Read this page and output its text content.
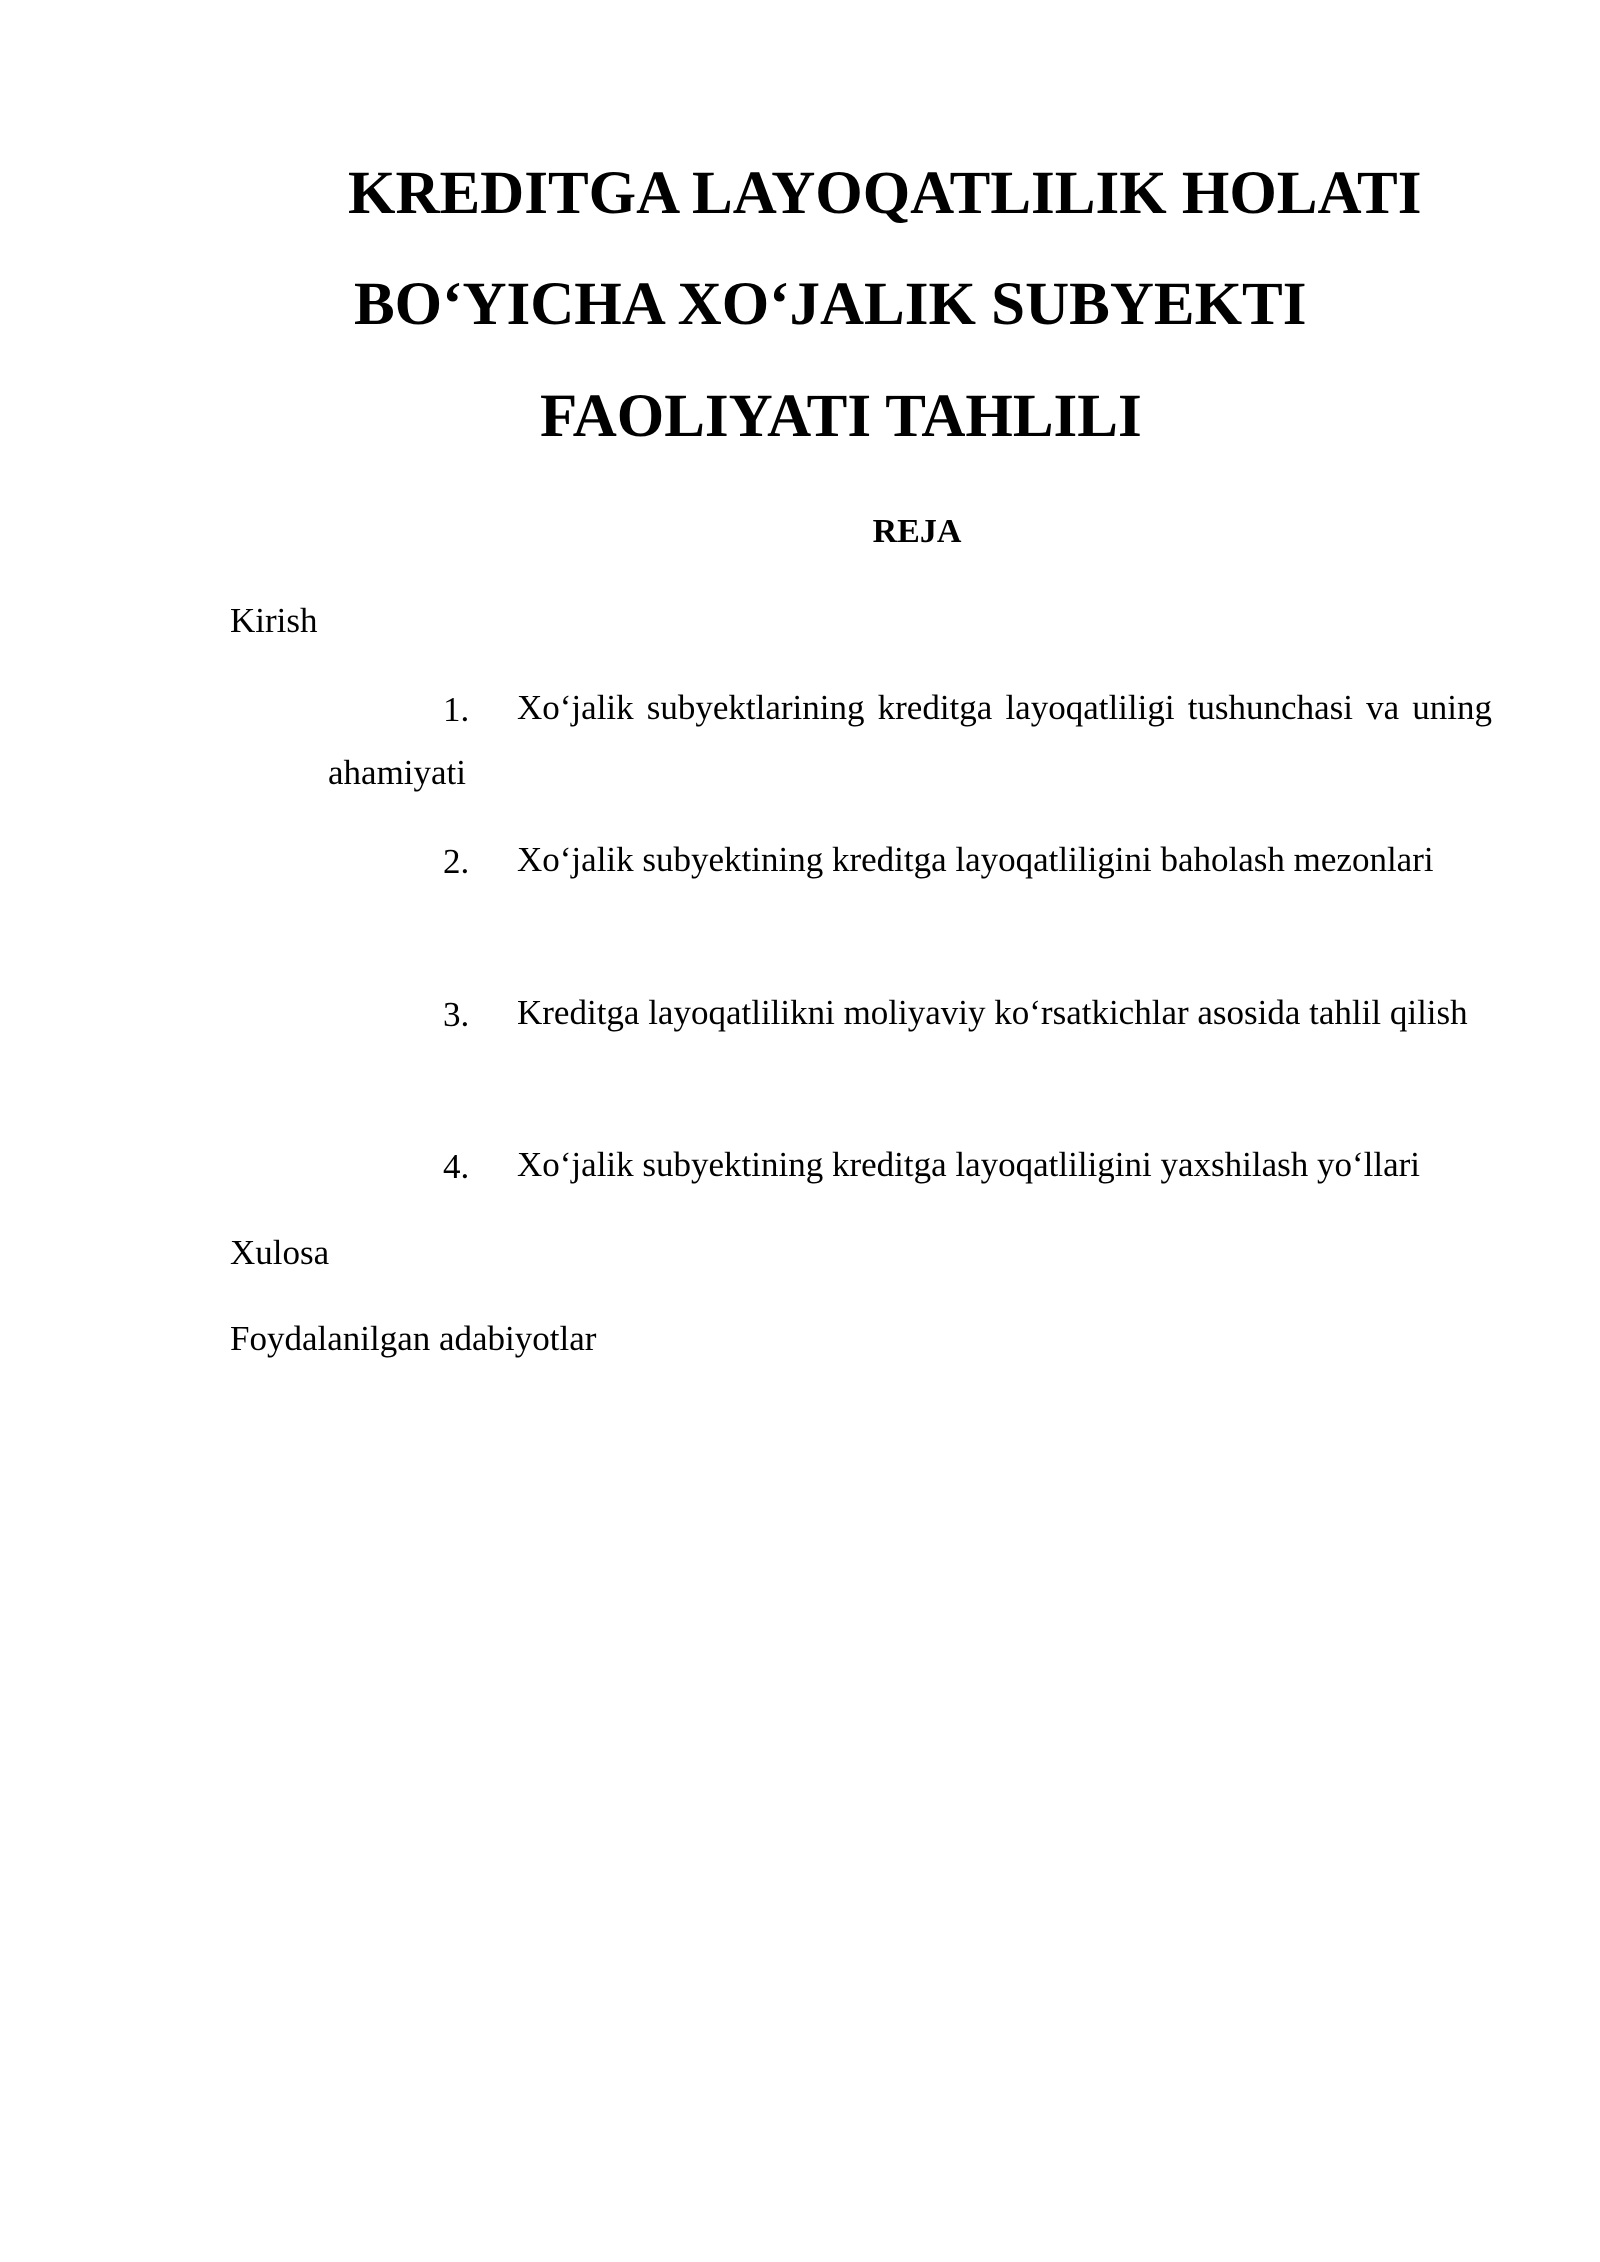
KREDITGA LAYOQATLILIK HOLATI
BO‘YICHA XO‘JALIK SUBYEKTI
FAOLIYATI TAHLILI
REJA
Kirish
1.	Xo‘jalik subyektlarining kreditga layoqatliligi tushunchasi va uning ahamiyati
2.	Xo‘jalik subyektining kreditga layoqatliligini baholash mezonlari
3.	Kreditga layoqatlilikni moliyaviy ko‘rsatkichlar asosida tahlil qilish
4.	Xo‘jalik subyektining kreditga layoqatliligini yaxshilash yo‘llari
Xulosa
Foydalanilgan adabiyotlar
